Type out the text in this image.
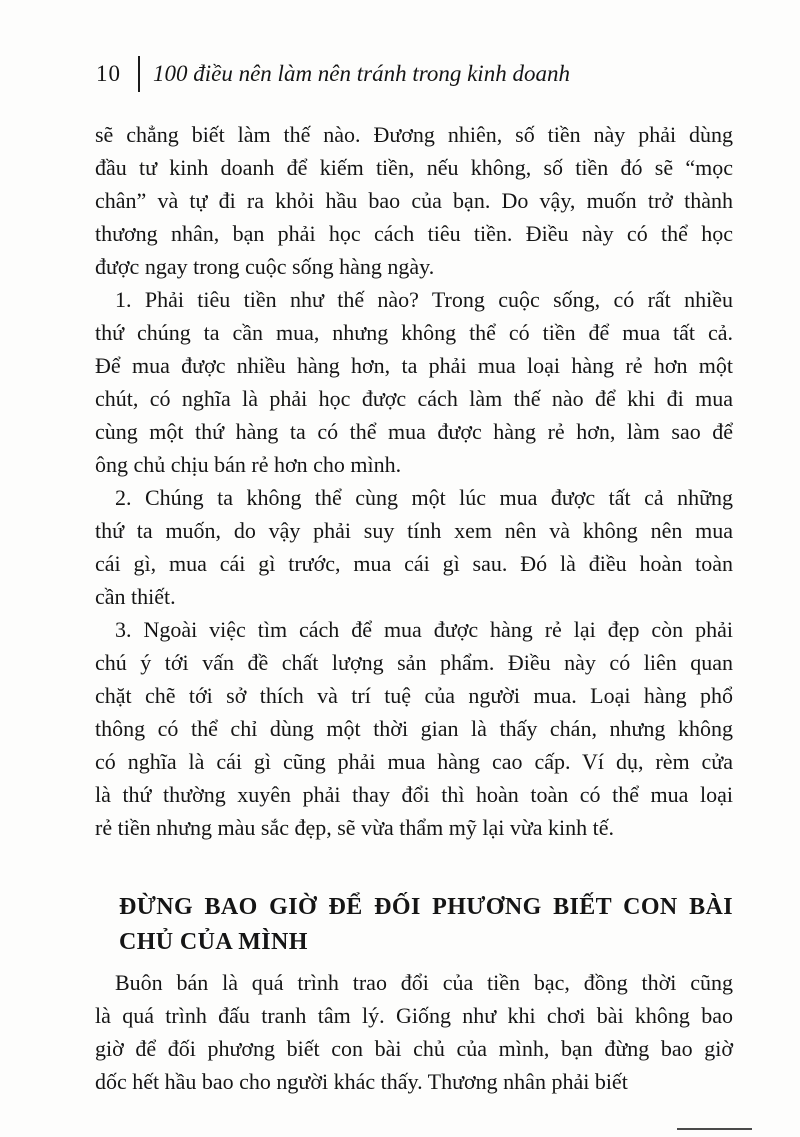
10 100 điều nên làm nên tránh trong kinh doanh
sẽ chẳng biết làm thế nào. Đương nhiên, số tiền này phải dùng
đầu tư kinh doanh để kiếm tiền, nếu không, số tiền đó sẽ “mọc
chân” và tự đi ra khỏi hầu bao của bạn. Do vậy, muốn trở thành
thương nhân, bạn phải học cách tiêu tiền. Điều này có thể học
được ngay trong cuộc sống hàng ngày.
1. Phải tiêu tiền như thế nào? Trong cuộc sống, có rất nhiều
thứ chúng ta cần mua, nhưng không thể có tiền để mua tất cả.
Để mua được nhiều hàng hơn, ta phải mua loại hàng rẻ hơn một
chút, có nghĩa là phải học được cách làm thế nào để khi đi mua
cùng một thứ hàng ta có thể mua được hàng rẻ hơn, làm sao để
ông chủ chịu bán rẻ hơn cho mình.
2. Chúng ta không thể cùng một lúc mua được tất cả những
thứ ta muốn, do vậy phải suy tính xem nên và không nên mua
cái gì, mua cái gì trước, mua cái gì sau. Đó là điều hoàn toàn
cần thiết.
3. Ngoài việc tìm cách để mua được hàng rẻ lại đẹp còn phải
chú ý tới vấn đề chất lượng sản phẩm. Điều này có liên quan
chặt chẽ tới sở thích và trí tuệ của người mua. Loại hàng phổ
thông có thể chỉ dùng một thời gian là thấy chán, nhưng không
có nghĩa là cái gì cũng phải mua hàng cao cấp. Ví dụ, rèm cửa
là thứ thường xuyên phải thay đổi thì hoàn toàn có thể mua loại
rẻ tiền nhưng màu sắc đẹp, sẽ vừa thẩm mỹ lại vừa kinh tế.
ĐỪNG BAO GIỜ ĐỂ ĐỐI PHƯƠNG BIẾT CON BÀI
CHỦ CỦA MÌNH
Buôn bán là quá trình trao đổi của tiền bạc, đồng thời cũng
là quá trình đấu tranh tâm lý. Giống như khi chơi bài không bao
giờ để đối phương biết con bài chủ của mình, bạn đừng bao giờ
dốc hết hầu bao cho người khác thấy. Thương nhân phải biết
